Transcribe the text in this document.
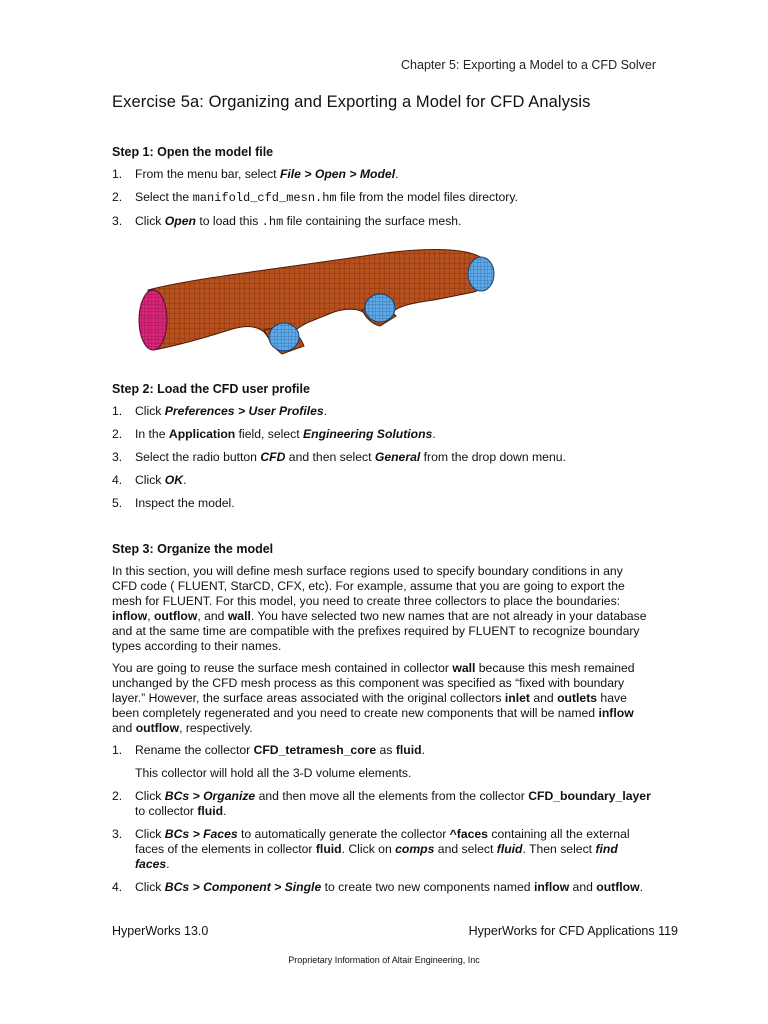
Chapter 5: Exporting a Model to a CFD Solver
Exercise 5a: Organizing and Exporting a Model for CFD Analysis
Step 1: Open the model file
1. From the menu bar, select File > Open > Model.
2. Select the manifold_cfd_mesn.hm file from the model files directory.
3. Click Open to load this .hm file containing the surface mesh.
Step 2: Load the CFD user profile
1. Click Preferences > User Profiles.
2. In the Application field, select Engineering Solutions.
3. Select the radio button CFD and then select General from the drop down menu.
4. Click OK.
5. Inspect the model.
Step 3: Organize the model

In this section, you will define mesh surface regions used to specify boundary conditions in any CFD code ( FLUENT, StarCD, CFX, etc). For example, assume that you are going to export the mesh for FLUENT. For this model, you need to create three collectors to place the boundaries: inflow, outflow, and wall. You have selected two new names that are not already in your database and at the same time are compatible with the prefixes required by FLUENT to recognize boundary types according to their names.

You are going to reuse the surface mesh contained in collector wall because this mesh remained unchanged by the CFD mesh process as this component was specified as “fixed with boundary layer.” However, the surface areas associated with the original collectors inlet and outlets have been completely regenerated and you need to create new components that will be named inflow and outflow, respectively.

1. Rename the collector CFD_tetramesh_core as fluid.
This collector will hold all the 3-D volume elements.
2. Click BCs > Organize and then move all the elements from the collector CFD_boundary_layer to collector fluid.
3. Click BCs > Faces to automatically generate the collector ^faces containing all the external faces of the elements in collector fluid. Click on comps and select fluid. Then select find faces.
4. Click BCs > Component > Single to create two new components named inflow and outflow.
HyperWorks 13.0	HyperWorks for CFD Applications 119
Proprietary Information of Altair Engineering, Inc
